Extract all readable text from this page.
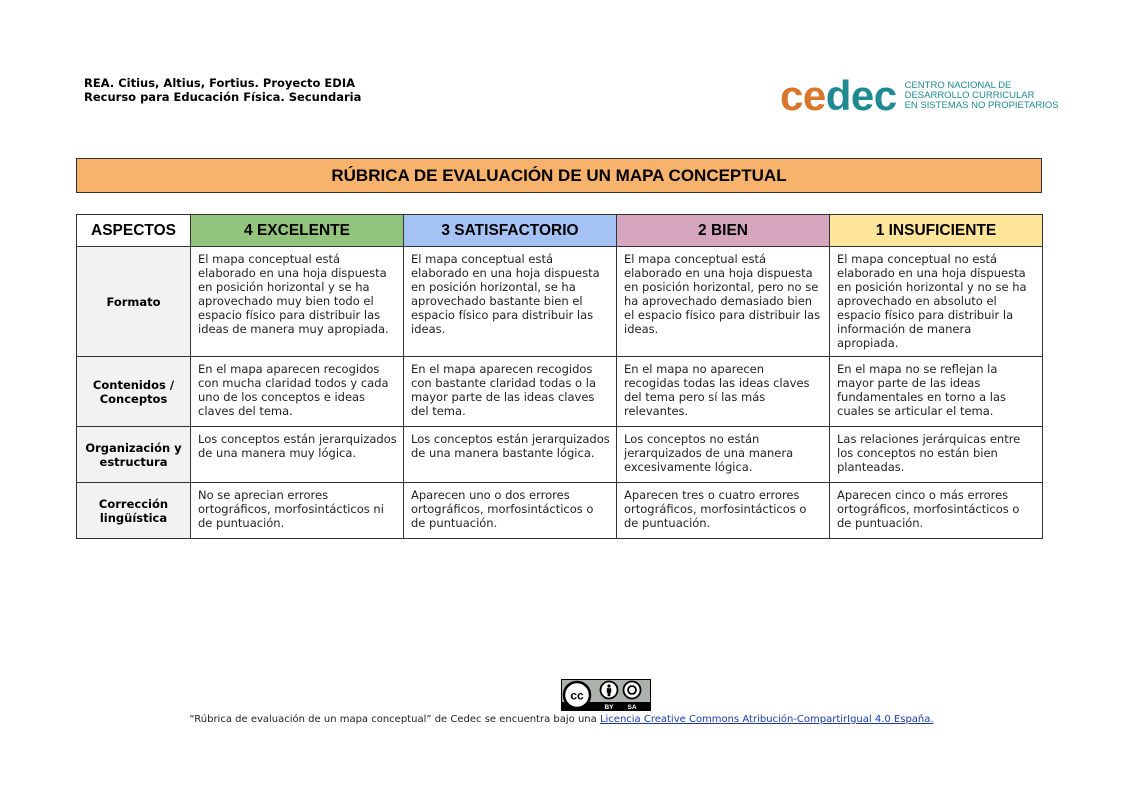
REA. Citius, Altius, Fortius. Proyecto EDIA
Recurso para Educación Física. Secundaria	cedec CENTRO NACIONAL DE
DESARROLLO CURRICULAR
EN SISTEMAS NO PROPIETARIOS
RÚBRICA DE EVALUACIÓN DE UN MAPA CONCEPTUAL
ASPECTOS	4 EXCELENTE	3 SATISFACTORIO	2 BIEN	1 INSUFICIENTE
Formato	El mapa conceptual está elaborado en una hoja dispuesta en posición horizontal y se ha aprovechado muy bien todo el espacio físico para distribuir las ideas de manera muy apropiada.	El mapa conceptual está elaborado en una hoja dispuesta en posición horizontal, se ha aprovechado bastante bien el espacio físico para distribuir las ideas.	El mapa conceptual está elaborado en una hoja dispuesta en posición horizontal, pero no se ha aprovechado demasiado bien el espacio físico para distribuir las ideas.	El mapa conceptual no está elaborado en una hoja dispuesta en posición horizontal y no se ha aprovechado en absoluto el espacio físico para distribuir la información de manera apropiada.
Contenidos / Conceptos	En el mapa aparecen recogidos con mucha claridad todos y cada uno de los conceptos e ideas claves del tema.	En el mapa aparecen recogidos con bastante claridad todas o la mayor parte de las ideas claves del tema.	En el mapa no aparecen recogidas todas las ideas claves del tema pero sí las más relevantes.	En el mapa no se reflejan la mayor parte de las ideas fundamentales en torno a las cuales se articular el tema.
Organización y estructura	Los conceptos están jerarquizados de una manera muy lógica.	Los conceptos están jerarquizados de una manera bastante lógica.	Los conceptos no están jerarquizados de una manera excesivamente lógica.	Las relaciones jerárquicas entre los conceptos no están bien planteadas.
Corrección lingüística	No se aprecian errores ortográficos, morfosintácticos ni de puntuación.	Aparecen uno o dos errores ortográficos, morfosintácticos o de puntuación.	Aparecen tres o cuatro errores ortográficos, morfosintácticos o de puntuación.	Aparecen cinco o más errores ortográficos, morfosintácticos o de puntuación.
cc
BY SA
“Rúbrica de evaluación de un mapa conceptual” de Cedec se encuentra bajo una Licencia Creative Commons Atribución-CompartirIgual 4.0 España.
